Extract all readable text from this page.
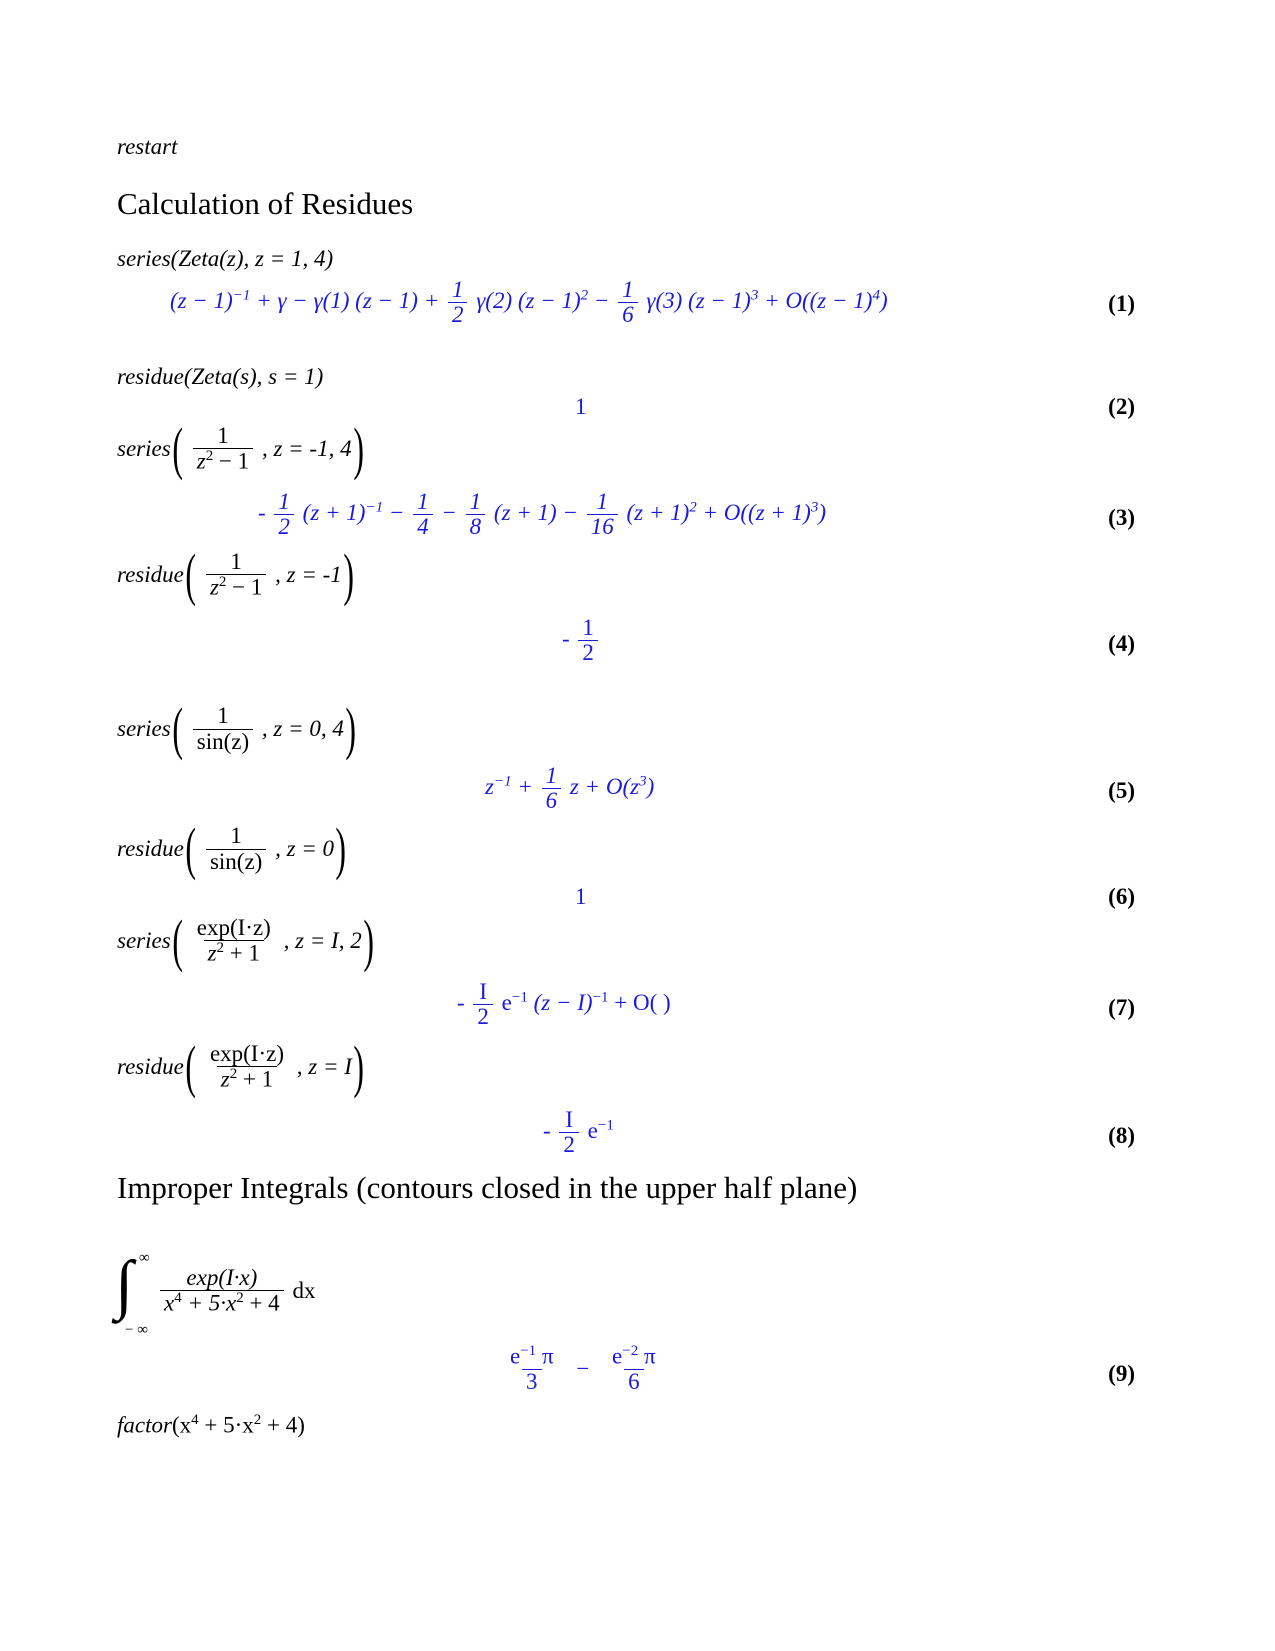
restart
Calculation of Residues
series(Zeta(z), z = 1, 4)
$(z - 1)^{-1} + \gamma - \gamma(1)$ $(z - 1) + \frac{1}{2} \gamma(2) (z - 1)^2 - \frac{1}{6} \gamma(3) (z - 1)^3 + O((z - 1)^4)$	(1)
residue(Zeta(s), s = 1)
1	(2)
series( $\frac{1}{z^2 - 1}$ , z = -1, 4)
- $\frac{1}{2} (z + 1)^{-1} - \frac{1}{4} - \frac{1}{8} (z + 1) - \frac{1}{16} (z + 1)^2 + O((z + 1)^3)$	(3)
residue( $\frac{1}{z^2 - 1}$ , z = -1)
- $\frac{1}{2}$	(4)
series( $\frac{1}{\sin(z)}$ , z = 0, 4)
$z^{-1} + \frac{1}{6}$ $z + O(z^3)$	(5)
residue( $\frac{1}{\sin(z)}$ , z = 0)
1	(6)
series( $\frac{\exp(I\cdot z)}{z^2 + 1}$ , z = I, 2)
- $\frac{I}{2} e^{-1}$ $(z - I)^{-1} + O$( )	(7)
residue( $\frac{\exp(I\cdot z)}{z^2 + 1}$ , z = I)
- $\frac{I}{2} e^{-1}$	(8)
Improper Integrals (contours closed in the upper half plane)
∫ ∞
− ∞
$\frac{\exp(I\cdot x)}{x^4 + 5\cdot x^2 + 4}$ dx
$\frac{e^{-1} \pi}{3} - \frac{e^{-2} \pi}{6}$	(9)
$factor(x^4 + 5\cdot x^2 + 4)$
